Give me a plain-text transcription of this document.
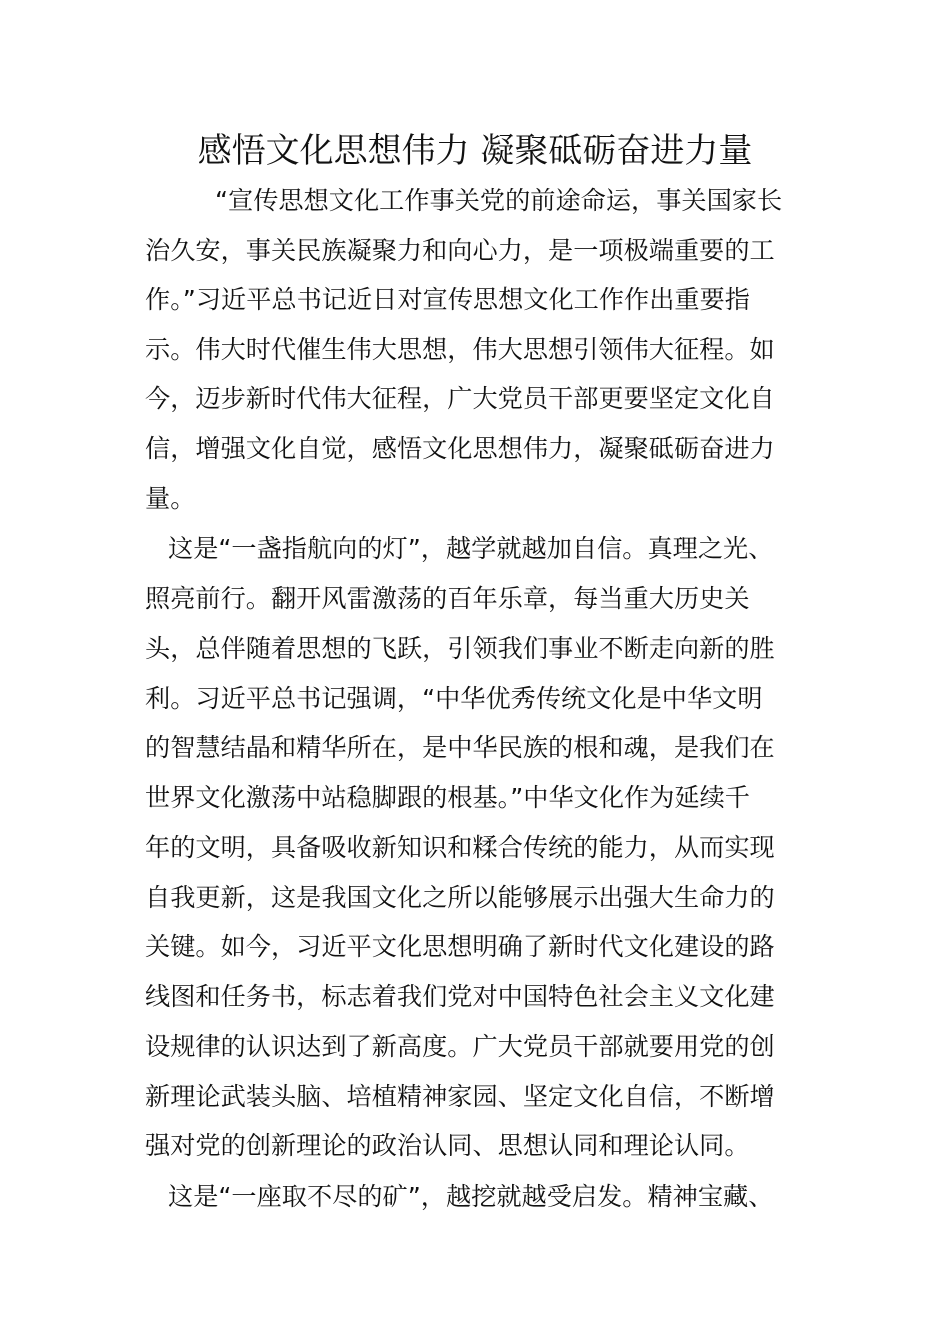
感悟文化思想伟力 凝聚砥砺奋进力量
“宣传思想文化工作事关党的前途命运，事关国家长
治久安，事关民族凝聚力和向心力，是一项极端重要的工
作。”习近平总书记近日对宣传思想文化工作作出重要指
示。伟大时代催生伟大思想，伟大思想引领伟大征程。如
今，迈步新时代伟大征程，广大党员干部更要坚定文化自
信，增强文化自觉，感悟文化思想伟力，凝聚砥砺奋进力
量。
这是“一盏指航向的灯”，越学就越加自信。真理之光、
照亮前行。翻开风雷激荡的百年乐章，每当重大历史关
头，总伴随着思想的飞跃，引领我们事业不断走向新的胜
利。习近平总书记强调，“中华优秀传统文化是中华文明
的智慧结晶和精华所在，是中华民族的根和魂，是我们在
世界文化激荡中站稳脚跟的根基。”中华文化作为延续千
年的文明，具备吸收新知识和糅合传统的能力，从而实现
自我更新，这是我国文化之所以能够展示出强大生命力的
关键。如今，习近平文化思想明确了新时代文化建设的路
线图和任务书，标志着我们党对中国特色社会主义文化建
设规律的认识达到了新高度。广大党员干部就要用党的创
新理论武装头脑、培植精神家园、坚定文化自信，不断增
强对党的创新理论的政治认同、思想认同和理论认同。
这是“一座取不尽的矿”，越挖就越受启发。精神宝藏、
